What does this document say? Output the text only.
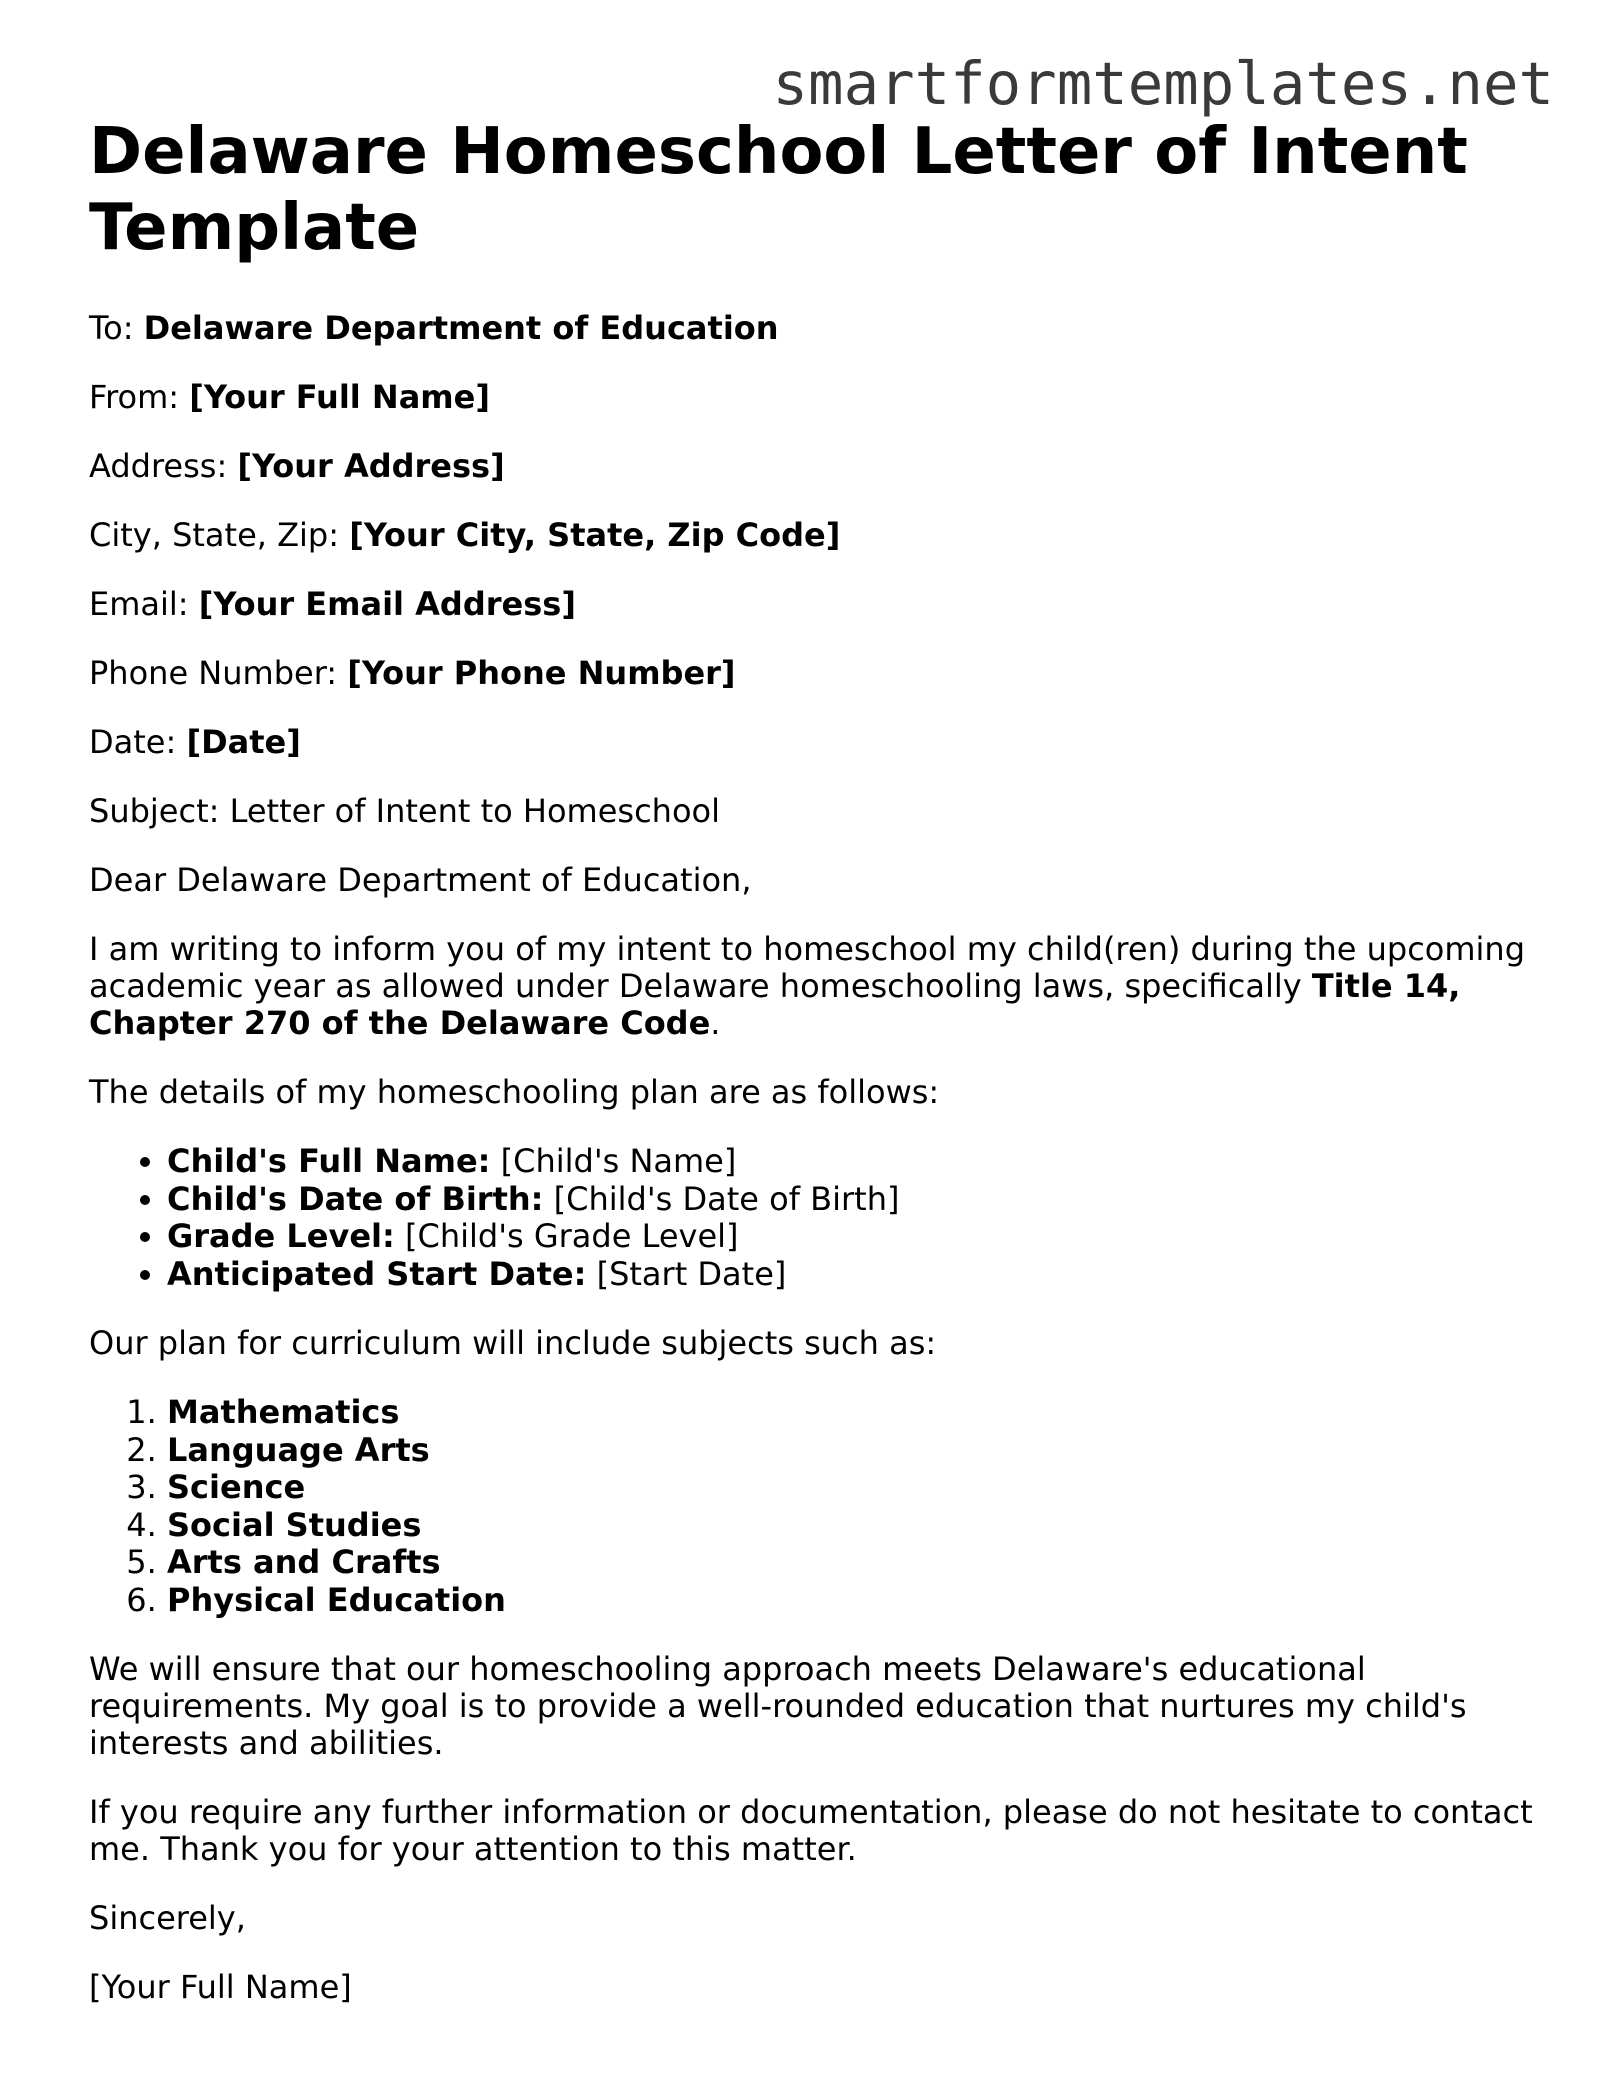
smartformtemplates.net
Delaware Homeschool Letter of Intent Template

To: Delaware Department of Education

From: [Your Full Name]

Address: [Your Address]

City, State, Zip: [Your City, State, Zip Code]

Email: [Your Email Address]

Phone Number: [Your Phone Number]

Date: [Date]

Subject: Letter of Intent to Homeschool

Dear Delaware Department of Education,

I am writing to inform you of my intent to homeschool my child(ren) during the upcoming academic year as allowed under Delaware homeschooling laws, specifically Title 14, Chapter 270 of the Delaware Code.

The details of my homeschooling plan are as follows:

• Child's Full Name: [Child's Name]
• Child's Date of Birth: [Child's Date of Birth]
• Grade Level: [Child's Grade Level]
• Anticipated Start Date: [Start Date]

Our plan for curriculum will include subjects such as:

1. Mathematics
2. Language Arts
3. Science
4. Social Studies
5. Arts and Crafts
6. Physical Education

We will ensure that our homeschooling approach meets Delaware's educational requirements. My goal is to provide a well-rounded education that nurtures my child's interests and abilities.

If you require any further information or documentation, please do not hesitate to contact me. Thank you for your attention to this matter.

Sincerely,

[Your Full Name]
